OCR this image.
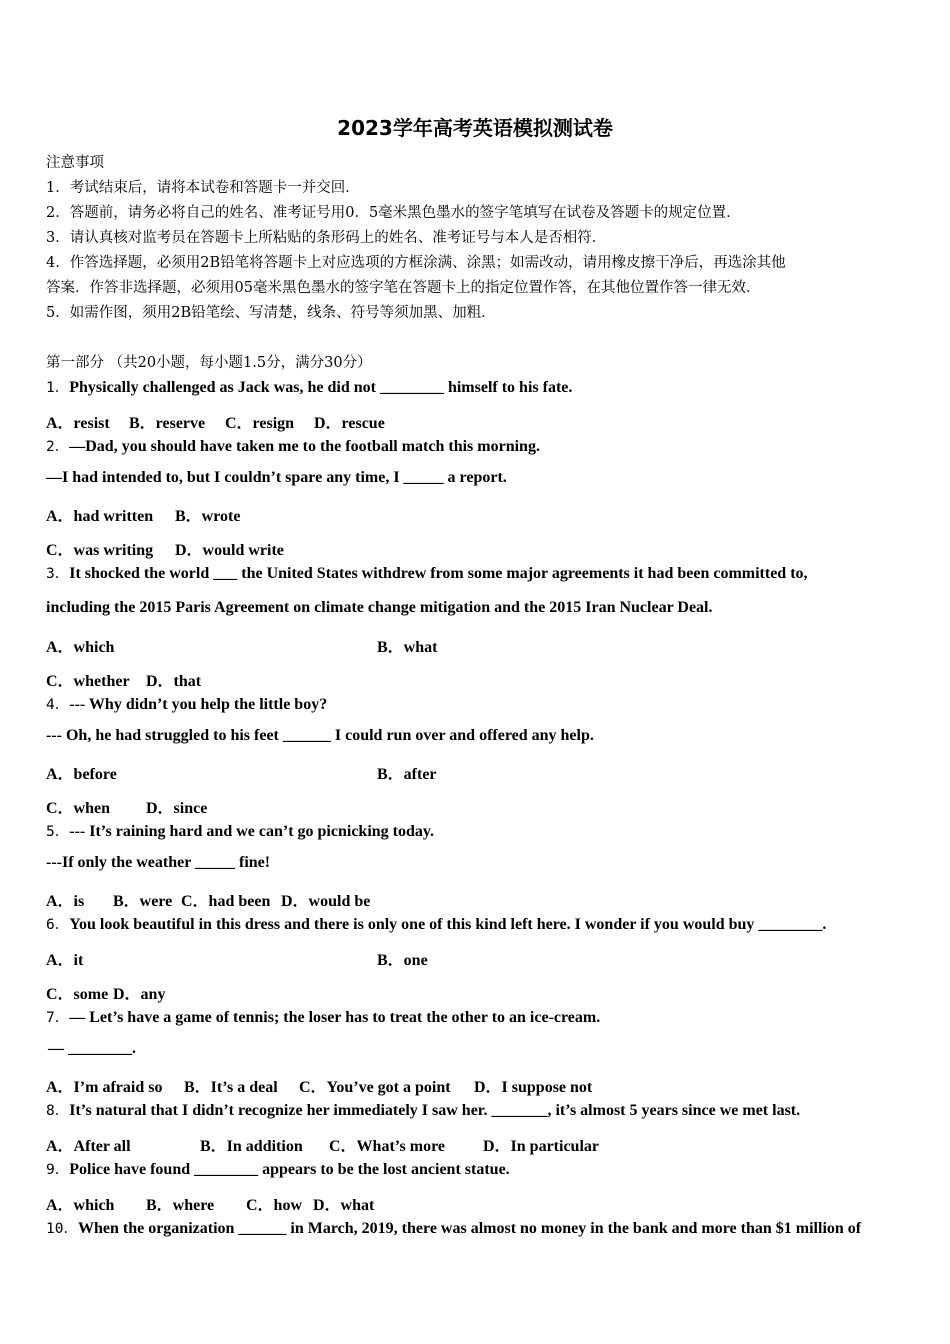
2023学年高考英语模拟测试卷
注意事项
1．考试结束后，请将本试卷和答题卡一并交回．
2．答题前，请务必将自己的姓名、准考证号用0．5毫米黑色墨水的签字笔填写在试卷及答题卡的规定位置．
3．请认真核对监考员在答题卡上所粘贴的条形码上的姓名、准考证号与本人是否相符．
4．作答选择题，必须用2B铅笔将答题卡上对应选项的方框涂满、涂黑；如需改动，请用橡皮擦干净后，再选涂其他
答案．作答非选择题，必须用05毫米黑色墨水的签字笔在答题卡上的指定位置作答，在其他位置作答一律无效．
5．如需作图，须用2B铅笔绘、写清楚，线条、符号等须加黑、加粗．
第一部分 （共20小题，每小题1.5分，满分30分）
1．Physically challenged as Jack was, he did not ________ himself to his fate.
A．resist B．reserve C．resign D．rescue
2．—Dad, you should have taken me to the football match this morning.
—I had intended to, but I couldn’t spare any time, I _____ a report.
A．had written B．wrote
C．was writing D．would write
3．It shocked the world ___ the United States withdrew from some major agreements it had been committed to,
including the 2015 Paris Agreement on climate change mitigation and the 2015 Iran Nuclear Deal.
A．which	B．what
C．whether D．that
4．--- Why didn’t you help the little boy?
--- Oh, he had struggled to his feet ______ I could run over and offered any help.
A．before	B．after
C．when D．since
5．--- It’s raining hard and we can’t go picnicking today.
---If only the weather _____ fine!
A．is B．were C．had been D．would be
6．You look beautiful in this dress and there is only one of this kind left here. I wonder if you would buy ________.
A．it	B．one
C．some D．any
7．— Let’s have a game of tennis; the loser has to treat the other to an ice-cream.
— ________.
A．I’m afraid so B．It’s a deal C．You’ve got a point D．I suppose not
8．It’s natural that I didn’t recognize her immediately I saw her. _______, it’s almost 5 years since we met last.
A．After all	B．In addition C．What’s more D．In particular
9．Police have found ________ appears to be the lost ancient statue.
A．which B．where C．how D．what
10．When the organization ______ in March, 2019, there was almost no money in the bank and more than $1 million of
